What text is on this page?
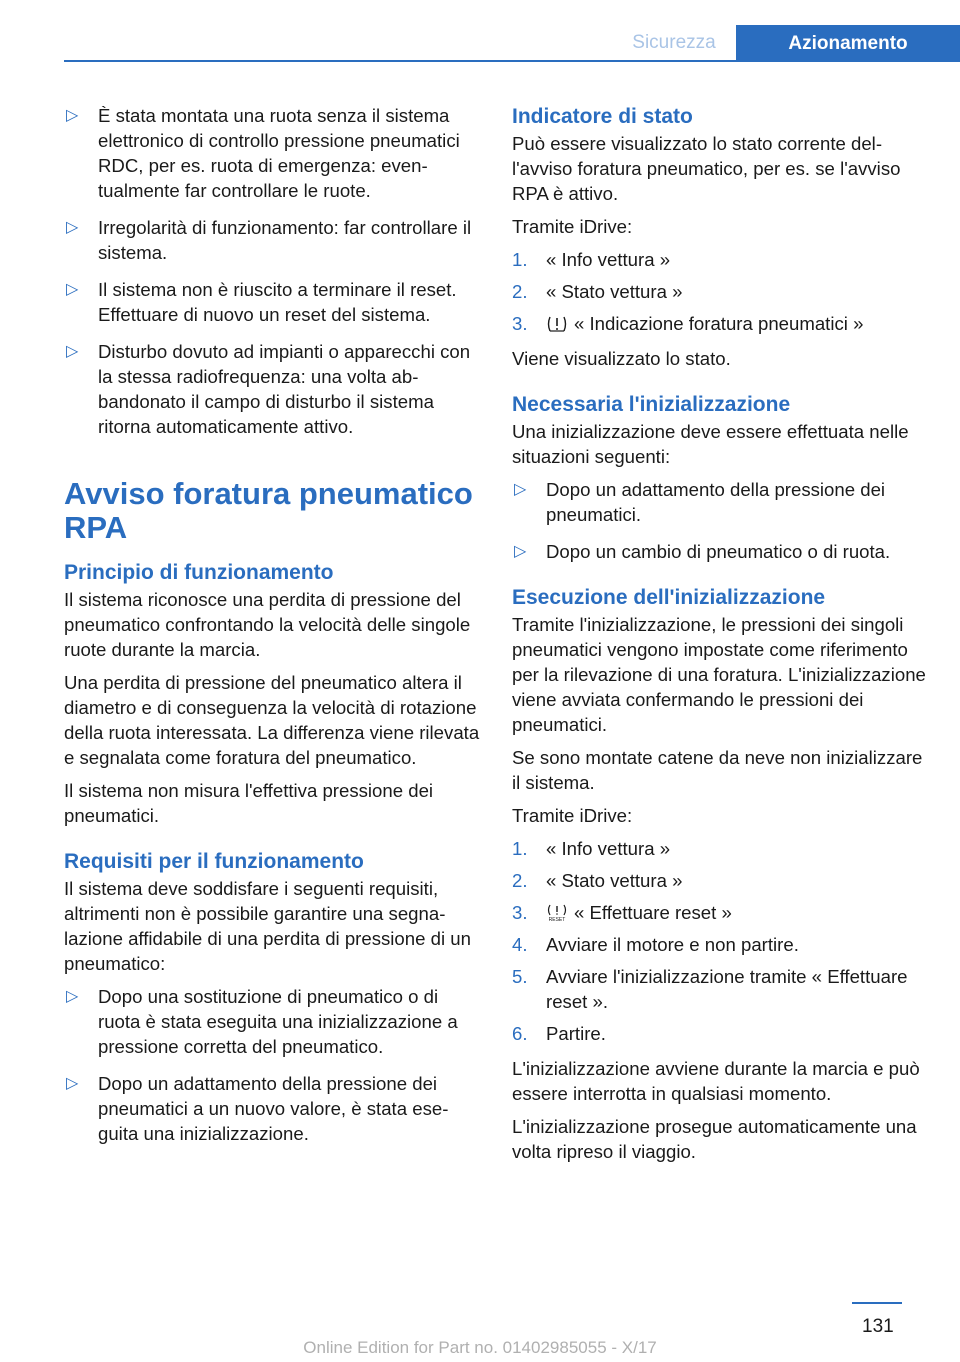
Sicurezza	Azionamento
▷ È stata montata una ruota senza il sistema elettronico di controllo pressione pneumatici RDC, per es. ruota di emergenza: eventualmente far controllare le ruote.
▷ Irregolarità di funzionamento: far controllare il sistema.
▷ Il sistema non è riuscito a terminare il reset. Effettuare di nuovo un reset del sistema.
▷ Disturbo dovuto ad impianti o apparecchi con la stessa radiofrequenza: una volta abbandonato il campo di disturbo il sistema ritorna automaticamente attivo.
Avviso foratura pneumatico RPA
Principio di funzionamento

Il sistema riconosce una perdita di pressione del pneumatico confrontando la velocità delle singole ruote durante la marcia.

Una perdita di pressione del pneumatico altera il diametro e di conseguenza la velocità di rotazione della ruota interessata. La differenza viene rilevata e segnalata come foratura del pneumatico.

Il sistema non misura l'effettiva pressione dei pneumatici.

Requisiti per il funzionamento

Il sistema deve soddisfare i seguenti requisiti, altrimenti non è possibile garantire una segnalazione affidabile di una perdita di pressione di un pneumatico:

▷ Dopo una sostituzione di pneumatico o di ruota è stata eseguita una inizializzazione a pressione corretta del pneumatico.
▷ Dopo un adattamento della pressione dei pneumatici a un nuovo valore, è stata eseguita una inizializzazione.
Indicatore di stato

Può essere visualizzato lo stato corrente dell'avviso foratura pneumatico, per es. se l'avviso RPA è attivo.

Tramite iDrive:

1. « Info vettura »
2. « Stato vettura »
3. « Indicazione foratura pneumatici »

Viene visualizzato lo stato.

Necessaria l'inizializzazione

Una inizializzazione deve essere effettuata nelle situazioni seguenti:

▷ Dopo un adattamento della pressione dei pneumatici.
▷ Dopo un cambio di pneumatico o di ruota.
Esecuzione dell'inizializzazione

Tramite l'inizializzazione, le pressioni dei singoli pneumatici vengono impostate come riferimento per la rilevazione di una foratura. L'inizializzazione viene avviata confermando le pressioni dei pneumatici.

Se sono montate catene da neve non inizializzare il sistema.

Tramite iDrive:

1. « Info vettura »
2. « Stato vettura »
3.	RESET « Effettuare reset »
4. Avviare il motore e non partire.
5. Avviare l'inizializzazione tramite « Effettuare reset ».
6. Partire.

L'inizializzazione avviene durante la marcia e può essere interrotta in qualsiasi momento.

L'inizializzazione prosegue automaticamente una volta ripreso il viaggio.

131
Online Edition for Part no. 01402985055 - X/17
